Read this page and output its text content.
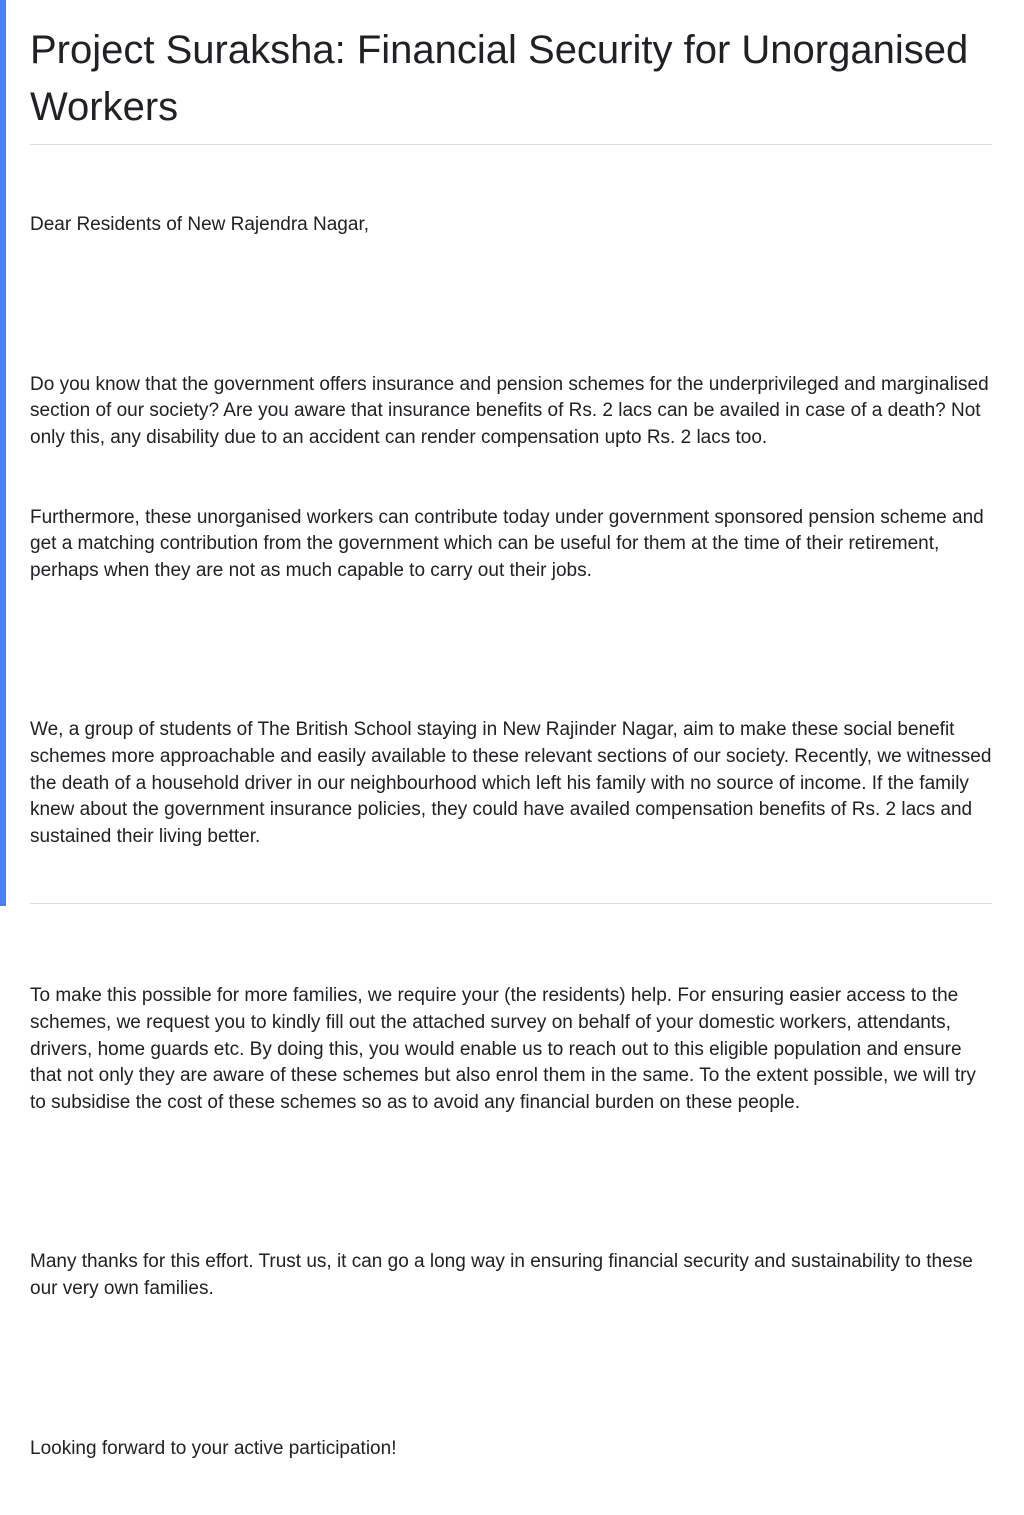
Project Suraksha: Financial Security for Unorganised Workers

Dear Residents of New Rajendra Nagar,

Do you know that the government offers insurance and pension schemes for the underprivileged and marginalised section of our society? Are you aware that insurance benefits of Rs. 2 lacs can be availed in case of a death? Not only this, any disability due to an accident can render compensation upto Rs. 2 lacs too.

Furthermore, these unorganised workers can contribute today under government sponsored pension scheme and get a matching contribution from the government which can be useful for them at the time of their retirement, perhaps when they are not as much capable to carry out their jobs.

We, a group of students of The British School staying in New Rajinder Nagar, aim to make these social benefit schemes more approachable and easily available to these relevant sections of our society. Recently, we witnessed the death of a household driver in our neighbourhood which left his family with no source of income. If the family knew about the government insurance policies, they could have availed compensation benefits of Rs. 2 lacs and sustained their living better.

To make this possible for more families, we require your (the residents) help. For ensuring easier access to the schemes, we request you to kindly fill out the attached survey on behalf of your domestic workers, attendants, drivers, home guards etc. By doing this, you would enable us to reach out to this eligible population and ensure that not only they are aware of these schemes but also enrol them in the same. To the extent possible, we will try to subsidise the cost of these schemes so as to avoid any financial burden on these people.

Many thanks for this effort. Trust us, it can go a long way in ensuring financial security and sustainability to these our very own families.

Looking forward to your active participation!
